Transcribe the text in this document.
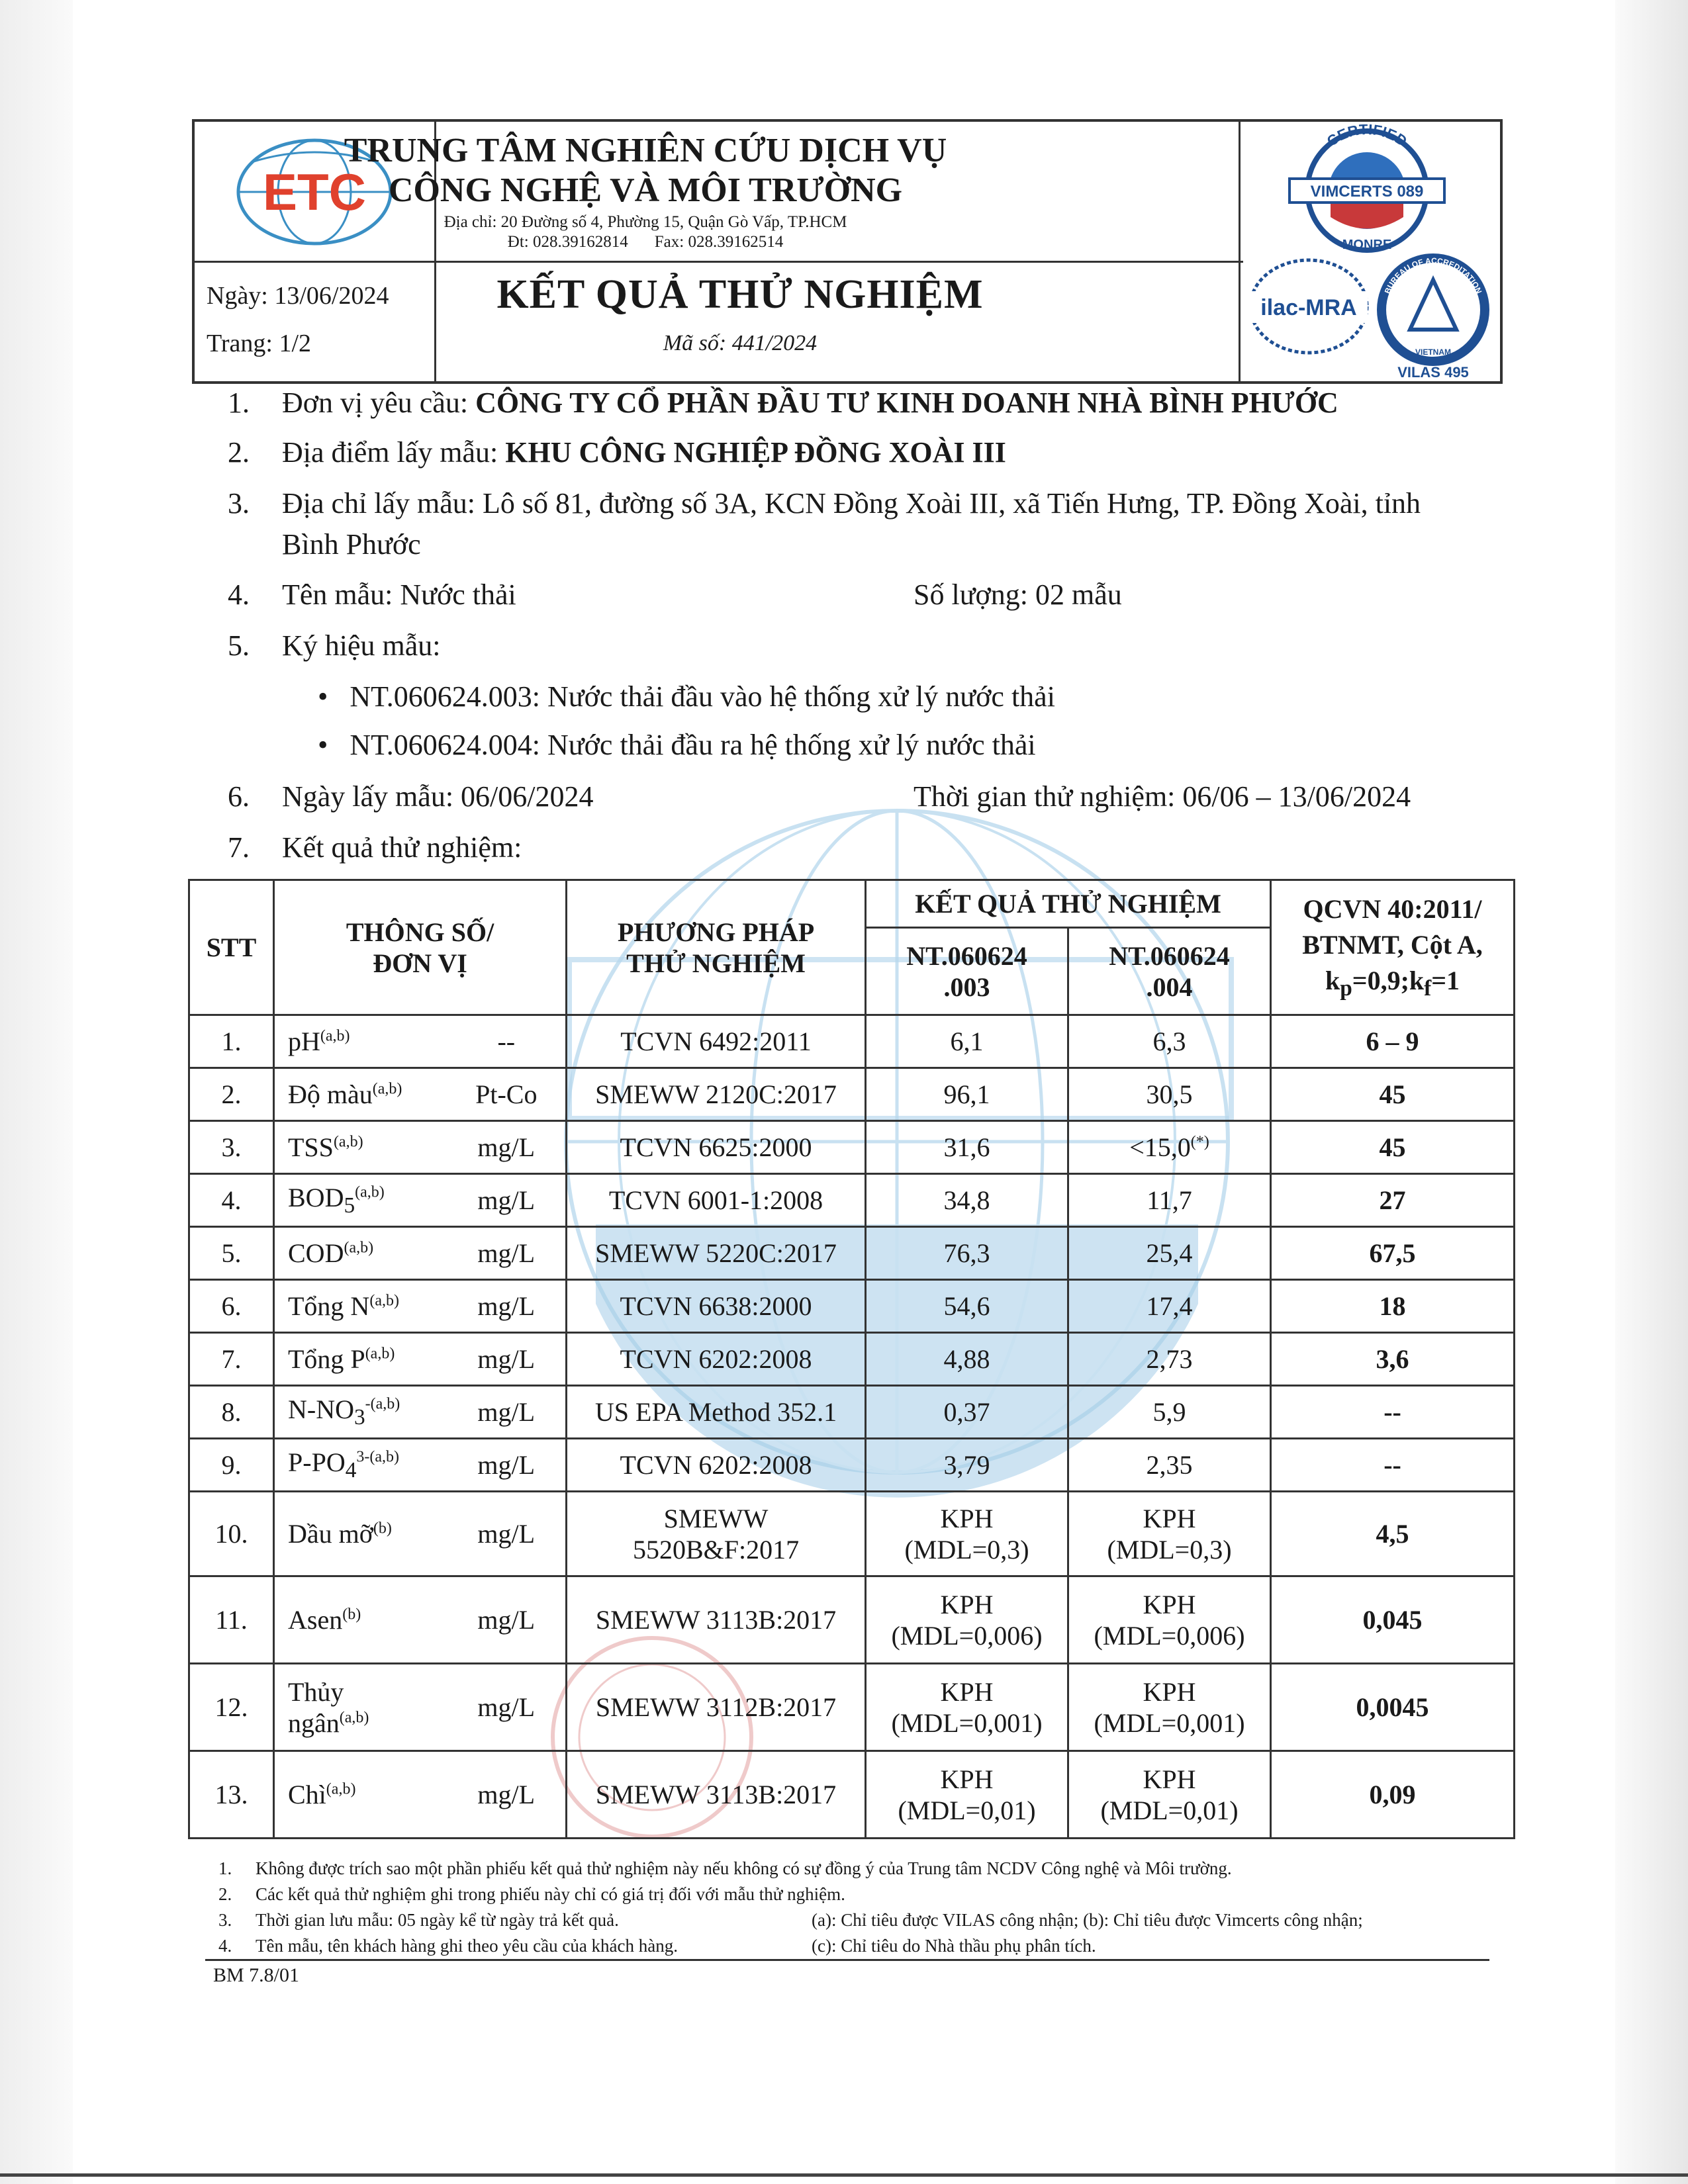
ETC
TRUNG TÂM NGHIÊN CỨU DỊCH VỤ
CÔNG NGHỆ VÀ MÔI TRƯỜNG
Địa chỉ: 20 Đường số 4, Phường 15, Quận Gò Vấp, TP.HCM
Đt: 028.39162814 Fax: 028.39162514
Ngày: 13/06/2024
Trang: 1/2
KẾT QUẢ THỬ NGHIỆM
Mã số: 441/2024
CERTIFIED
VIMCERTS 089
MONRE
ilac-MRA
BUREAU OF ACCREDITATION
VIETNAM
VILAS 495
1. Đơn vị yêu cầu: CÔNG TY CỔ PHẦN ĐẦU TƯ KINH DOANH NHÀ BÌNH PHƯỚC
2. Địa điểm lấy mẫu: KHU CÔNG NGHIỆP ĐỒNG XOÀI III
3. Địa chỉ lấy mẫu: Lô số 81, đường số 3A, KCN Đồng Xoài III, xã Tiến Hưng, TP. Đồng Xoài, tỉnh
Bình Phước
4. Tên mẫu: Nước thải	Số lượng: 02 mẫu
5. Ký hiệu mẫu:
•   NT.060624.003: Nước thải đầu vào hệ thống xử lý nước thải
•   NT.060624.004: Nước thải đầu ra hệ thống xử lý nước thải
6. Ngày lấy mẫu: 06/06/2024	Thời gian thử nghiệm: 06/06 – 13/06/2024
7. Kết quả thử nghiệm:
STT	THÔNG SỐ/
ĐƠN VỊ		PHƯƠNG PHÁP
THỬ NGHIỆM	KẾT QUẢ THỬ NGHIỆM		QCVN 40:2011/
BTNMT, Cột A,
$k_p=0,9;k_f=1$
				NT.060624
.003	NT.060624
.004	
1.	pH$^{(a,b)}$	--	TCVN 6492:2011	6,1	6,3	6 – 9
2.	Độ màu$^{(a,b)}$	Pt-Co	SMEWW 2120C:2017	96,1	30,5	45
3.	TSS$^{(a,b)}$	mg/L	TCVN 6625:2000	31,6	<15,0(*)	45
4.	$BOD_5^{(a,b)}$	mg/L	TCVN 6001-1:2008	34,8	11,7	27
5.	COD$^{(a,b)}$	mg/L	SMEWW 5220C:2017	76,3	25,4	67,5
6.	Tổng N$^{(a,b)}$	mg/L	TCVN 6638:2000	54,6	17,4	18
7.	Tổng P$^{(a,b)}$	mg/L	TCVN 6202:2008	4,88	2,73	3,6
8.	$N-NO_3^{-(a,b)}$	mg/L	US EPA Method 352.1	0,37	5,9	--
9.	$P-PO_4^{3-(a,b)}$	mg/L	TCVN 6202:2008	3,79	2,35	--
10.	Dầu mỡ$^{(b)}$	mg/L	SMEWW
5520B&F:2017	KPH
(MDL=0,3)	KPH
(MDL=0,3)	4,5
11.	Asen$^{(b)}$	mg/L	SMEWW 3113B:2017	KPH
(MDL=0,006)	KPH
(MDL=0,006)	0,045
12.	Thủy
ngân$^{(a,b)}$	mg/L	SMEWW 3112B:2017	KPH
(MDL=0,001)	KPH
(MDL=0,001)	0,0045
13.	Chì$^{(a,b)}$	mg/L	SMEWW 3113B:2017	KPH
(MDL=0,01)	KPH
(MDL=0,01)	0,09
1. Không được trích sao một phần phiếu kết quả thử nghiệm này nếu không có sự đồng ý của Trung tâm NCDV Công nghệ và Môi trường.
2. Các kết quả thử nghiệm ghi trong phiếu này chỉ có giá trị đối với mẫu thử nghiệm.
3. Thời gian lưu mẫu: 05 ngày kể từ ngày trả kết quả.	(a): Chỉ tiêu được VILAS công nhận; (b): Chỉ tiêu được Vimcerts công nhận;
4. Tên mẫu, tên khách hàng ghi theo yêu cầu của khách hàng.	(c): Chỉ tiêu do Nhà thầu phụ phân tích.
BM 7.8/01
